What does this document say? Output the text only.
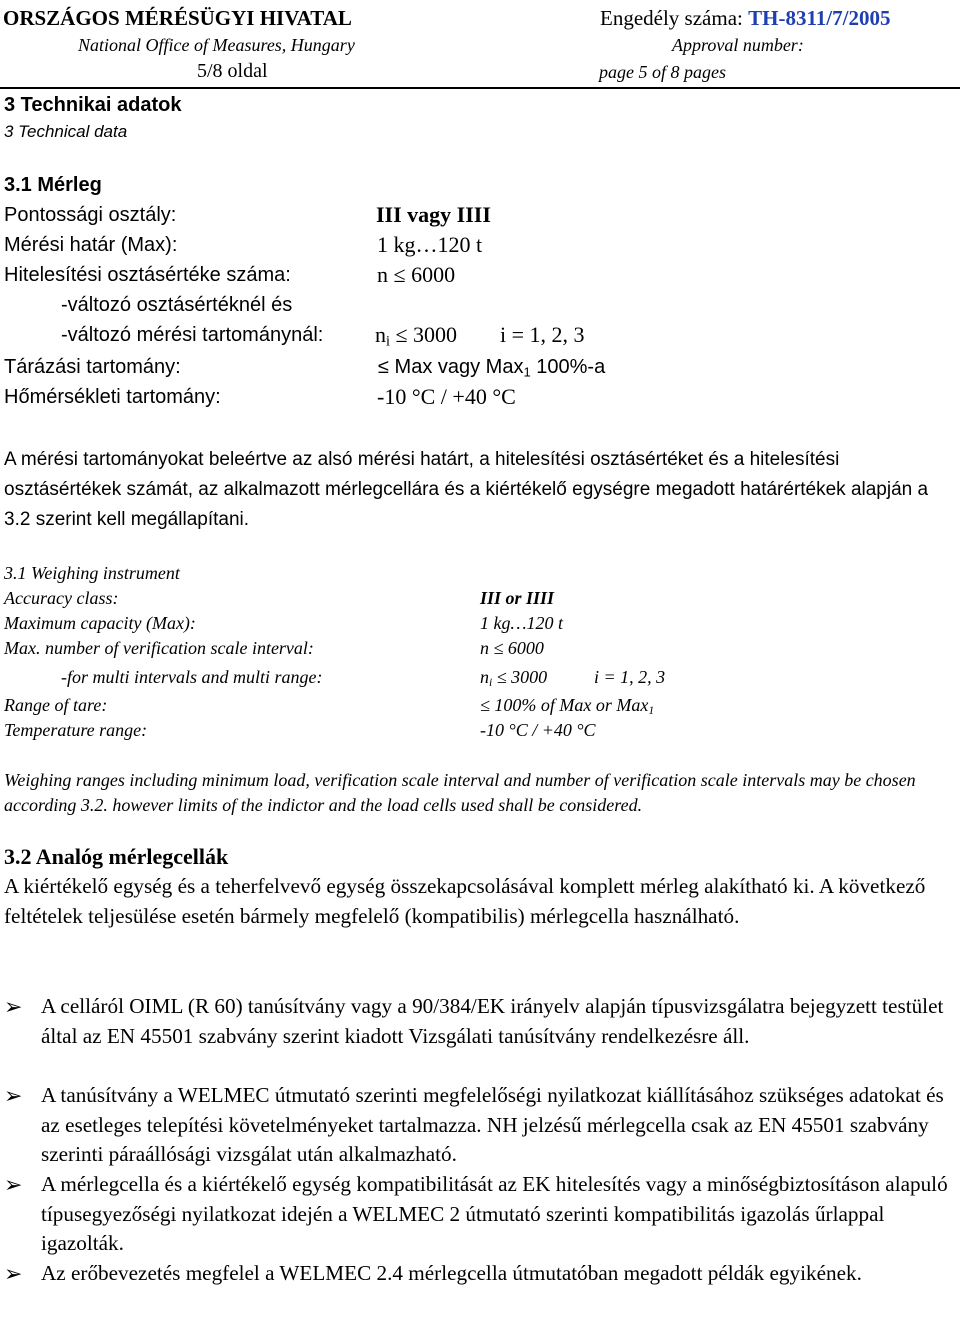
ORSZÁGOS MÉRÉSÜGYI HIVATAL
National Office of Measures, Hungary
5/8 oldal
Engedély száma: TH-8311/7/2005
Approval number:
page 5 of 8 pages
3 Technikai adatok
3 Technical data
3.1 Mérleg
Pontossági osztály:	III vagy IIII
Mérési határ (Max):	1 kg…120 t
Hitelesítési osztásértéke száma:	n ≤ 6000
-változó osztásértéknél és
-változó mérési tartománynál: $n_i \le 3000$ i = 1, 2, 3
Tárázási tartomány:	≤ Max vagy Max$_1$ 100%-a
Hőmérsékleti tartomány:	-10 °C / +40 °C
A mérési tartományokat beleértve az alsó mérési határt, a hitelesítési osztásértéket és a hitelesítési osztásértékek számát, az alkalmazott mérlegcellára és a kiértékelő egységre megadott határértékek alapján a 3.2 szerint kell megállapítani.
3.1 Weighing instrument
Accuracy class:	III or IIII
Maximum capacity (Max):	1 kg…120 t
Max. number of verification scale interval:	n ≤ 6000
-for multi intervals and multi range:	$n_i \le 3000$	i = 1, 2, 3
Range of tare:	≤ 100% of Max or Max$_1$
Temperature range:	-10 °C / +40 °C
Weighing ranges including minimum load, verification scale interval and number of verification scale intervals may be chosen according 3.2. however limits of the indictor and the load cells used shall be considered.
3.2 Analóg mérlegcellák
A kiértékelő egység és a teherfelvevő egység összekapcsolásával komplett mérleg alakítható ki. A következő feltételek teljesülése esetén bármely megfelelő (kompatibilis) mérlegcella használható.
➢ A celláról OIML (R 60) tanúsítvány vagy a 90/384/EK irányelv alapján típusvizsgálatra bejegyzett testület által az EN 45501 szabvány szerint kiadott Vizsgálati tanúsítvány rendelkezésre áll.
➢ A tanúsítvány a WELMEC útmutató szerinti megfelelőségi nyilatkozat kiállításához szükséges adatokat és az esetleges telepítési követelményeket tartalmazza. NH jelzésű mérlegcella csak az EN 45501 szabvány szerinti páraállósági vizsgálat után alkalmazható.
➢ A mérlegcella és a kiértékelő egység kompatibilitását az EK hitelesítés vagy a minőségbiztosításon alapuló típusegyezőségi nyilatkozat idején a WELMEC 2 útmutató szerinti kompatibilitás igazolás űrlappal igazolták.
➢ Az erőbevezetés megfelel a WELMEC 2.4 mérlegcella útmutatóban megadott példák egyikének.
